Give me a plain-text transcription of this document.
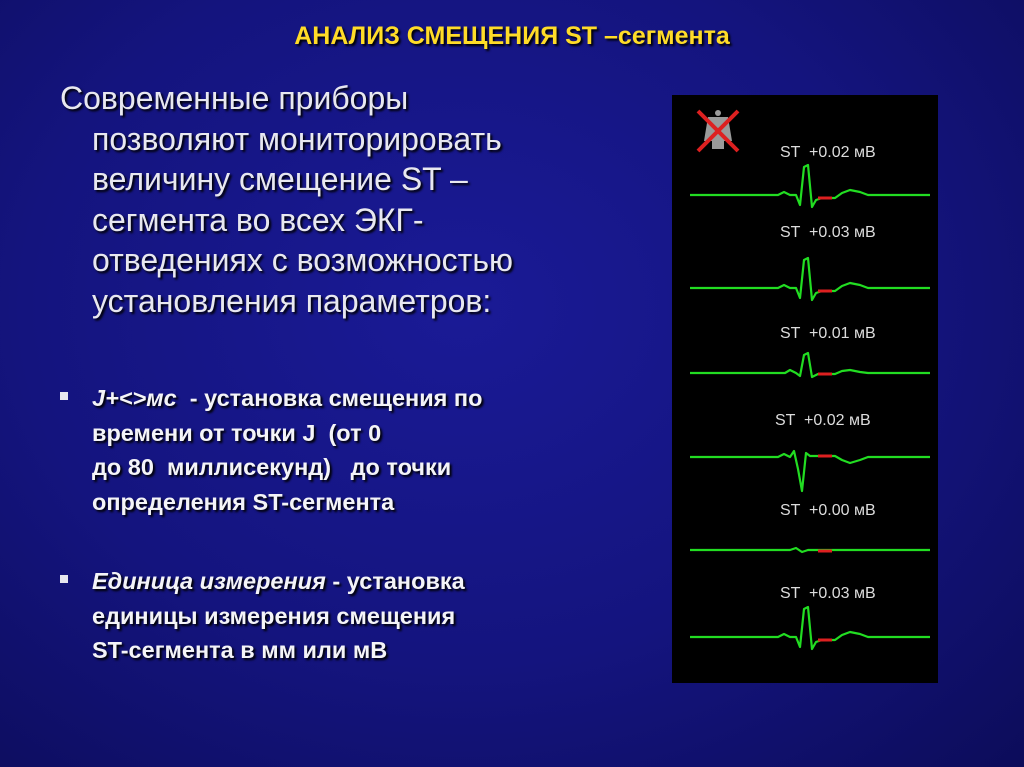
АНАЛИЗ СМЕЩЕНИЯ ST –сегмента
Современные приборы
позволяют мониторировать
величину смещение ST –
сегмента во всех ЭКГ-
отведениях с возможностью
установления параметров:
J+<>мс  - установка смещения по
времени от точки J  (от 0
до 80  миллисекунд)   до точки
определения ST-сегмента
Единица измерения - установка
единицы измерения смещения
ST-сегмента в мм или мВ
ST  +0.02 мВ
ST  +0.03 мВ
ST  +0.01 мВ
ST  +0.02 мВ
ST  +0.00 мВ
ST  +0.03 мВ
